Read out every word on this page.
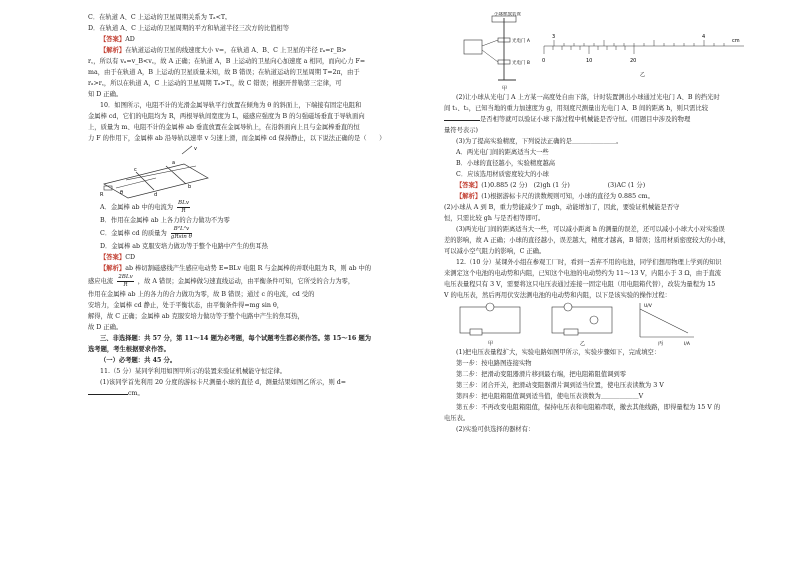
C．在轨道 A、C 上运动的卫星周期关系为 Tₐ<T꜀

D．在轨道 A、C 上运动的卫星周期的平方和轨道半径三次方的比值相等

【答案】AD

【解析】在轨道运动的卫星的线速度大小 v=，在轨道 A、B、C 上卫星的半径 rₐ=r_B>

r꜀，所以有 vₐ=v_B<v꜀，故 A 正确；在轨道 A，B 上运动的卫星向心加速度 a 相同，而向心力 F=

ma，由于在轨道 A，B 上运动的卫星质量未知，故 B 错误；在轨道运动的卫星周期 T=2π，由于

rₐ>r꜀，所以在轨道 A，C 上运动的卫星周期 Tₐ>T꜀，故 C 错误；根据开普勒第三定律，可

知 D 正确。

10．如图所示，电阻不计的光滑金属导轨平行放置在倾角为 θ 的斜面上，下端接有固定电阻和

金属棒 cd，它们的电阻均为 R，两根导轨间宽度为 L，磁感应强度为 B 的匀强磁场垂直于导轨面向

上，质量为 m、电阻不计的金属棒 ab 垂直放置在金属导轨上，在沿斜面向上且与金属棒垂直的恒

力 F 的作用下，金属棒 ab 沿导轨以速率 v 匀速上滑，而金属棒 cd 保持静止，以下说法正确的是（　　）

a
b
c
d
R
v
θ

A．金属棒 ab 中的电流为 $\frac{\text{BLv}}{R}$

B．作用在金属棒 ab 上各力的合力做功不为零

C．金属棒 cd 的质量为 $\frac{\text{B²L²v}}{\text{gRsin θ}}$

D．金属棒 ab 克服安培力做功等于整个电路中产生的焦耳热

【答案】CD

【解析】ab 棒切割磁感线产生感应电动势 E=BLv 电阻 R 与金属棒的并联电阻为 R，则 ab 中的

感应电流 $\frac{\text{2BLv}}{R}$ ，故 A 错误；金属棒做匀速直线运动，由平衡条件可知，它所受的合力为零，

作用在金属棒 ab 上的各力的合力做功为零，故 B 错误；通过 c 的电流，cd 受的

安培力，金属棒 cd 静止，处于平衡状态，由平衡条件得=mg sin θ，

解得，故 C 正确；金属棒 ab 克服安培力做功等于整个电路中产生的焦耳热，

故 D 正确。

三、非选择题：共 57 分，第 11～14 题为必考题，每个试题考生都必须作答。第 15～16 题为

选考题，考生根据要求作答。

（一）必考题：共 45 分。

11.（5 分）某同学利用如图甲所示的装置来验证机械能守恒定律。

(1)该同学首先利用 20 分度的游标卡尺测量小球的直径 d，测量结果如图乙所示，则 d=

cm。

小球释放装置
光电门 A
光电门 B
甲
3	4
cm
0	10	20
乙

(2)让小球从光电门 A 上方某一高度处自由下落，计时装置测出小球通过光电门 A、B 的挡光时

间 t₁、t₂，已知当地的重力加速度为 g，用刻度尺测量出光电门 A、B 间的距离 h，则只需比较

是否相等就可以验证小球下落过程中机械能是否守恒。(用题目中涉及的物理

量符号表示)

(3)为了提高实验精度，下列说法正确的是＿＿＿＿＿＿＿。

A．两光电门间的距离适当大一些

B．小球的直径越小，实验精度越高

C．应该选用材质密度较大的小球

【答案】(1)0.885 (2 分)　(2)gh (1 分)　　　　　　(3)AC (1 分)

【解析】(1)根据游标卡尺的读数规则可知，小球的直径为 0.885 cm。

(2)小球从 A 到 B，重力势能减少了 mgh，动能增加了，因此，要验证机械能是否守

恒，只需比较 gh 与是否相等即可。

(3)两光电门间的距离适当大一些，可以减小距离 h 的测量的误差，还可以减小小球大小对实验误

差的影响，故 A 正确；小球的直径越小，误差越大，精度才越高，B 错误；选用材质密度较大的小球，

可以减小空气阻力的影响，C 正确。

12.（10 分）某课外小组在参观工厂时，看到一丢弃不用的电池，同学们想用物理上学到的知识

来测定这个电池的电动势和内阻，已知这个电池的电动势约为 11～13 V，内阻小于 3 Ω，由于直流

电压表量程只有 3 V，需要将这只电压表通过连接一固定电阻（用电阻箱代替），改装为量程为 15

V 的电压表，然后再用伏安法测电池的电动势和内阻，以下是该实验的操作过程：

甲	乙
U/V
I/A
丙

(1)把电压表量程扩大，实验电路如图甲所示，实验步骤如下，完成填空：

第一步：按电路图连接实物

第二步：把滑动变阻器滑片移到最右端，把电阻箱阻值调到零

第三步：闭合开关，把滑动变阻器滑片调到适当位置，使电压表读数为 3 V

第四步：把电阻箱阻值调到适当值，使电压表读数为＿＿＿＿＿＿V

第五步：不再改变电阻箱阻值，保持电压表和电阻箱串联，撤去其他线路，即得量程为 15 V 的

电压表。

(2)实验可供选择的器材有：
